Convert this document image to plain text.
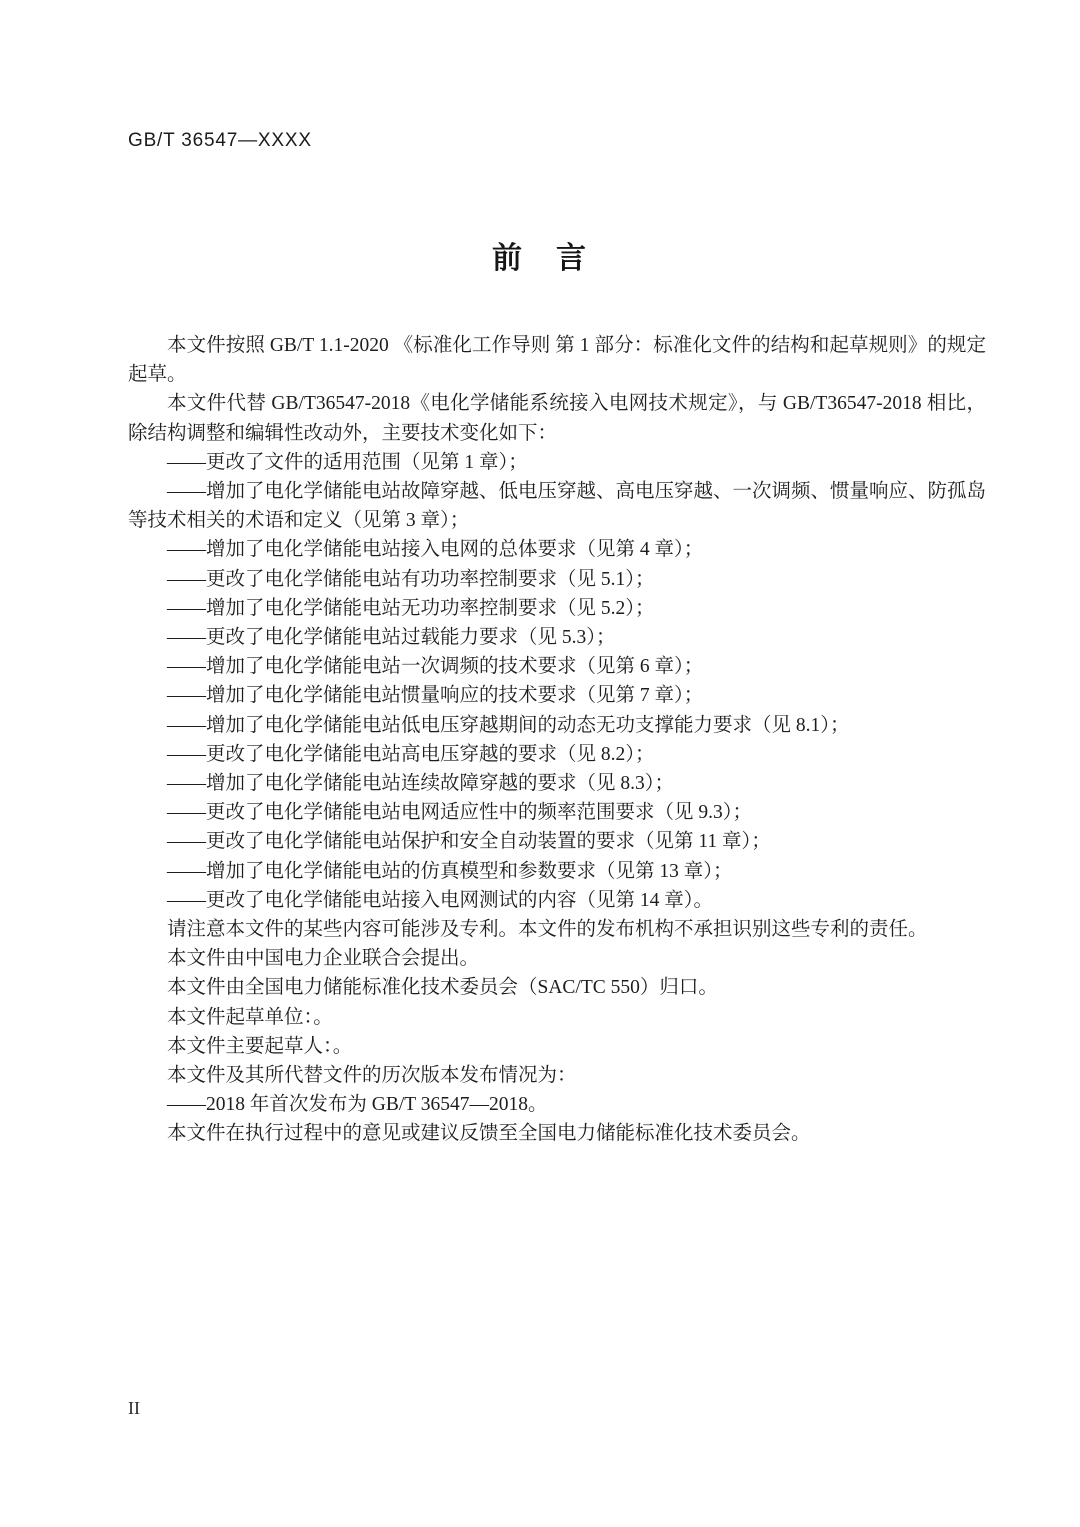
GB/T 36547—XXXX
前　言

本文件按照 GB/T 1.1-2020 《标准化工作导则 第 1 部分：标准化文件的结构和起草规则》的规定起草。

本文件代替 GB/T36547-2018《电化学储能系统接入电网技术规定》，与 GB/T36547-2018 相比，除结构调整和编辑性改动外，主要技术变化如下：

——更改了文件的适用范围（见第 1 章）；

——增加了电化学储能电站故障穿越、低电压穿越、高电压穿越、一次调频、惯量响应、防孤岛等技术相关的术语和定义（见第 3 章）；

——增加了电化学储能电站接入电网的总体要求（见第 4 章）；

——更改了电化学储能电站有功功率控制要求（见 5.1）；

——增加了电化学储能电站无功功率控制要求（见 5.2）；

——更改了电化学储能电站过载能力要求（见 5.3）；

——增加了电化学储能电站一次调频的技术要求（见第 6 章）；

——增加了电化学储能电站惯量响应的技术要求（见第 7 章）；

——增加了电化学储能电站低电压穿越期间的动态无功支撑能力要求（见 8.1）；

——更改了电化学储能电站高电压穿越的要求（见 8.2）；

——增加了电化学储能电站连续故障穿越的要求（见 8.3）；

——更改了电化学储能电站电网适应性中的频率范围要求（见 9.3）；

——更改了电化学储能电站保护和安全自动装置的要求（见第 11 章）；

——增加了电化学储能电站的仿真模型和参数要求（见第 13 章）；

——更改了电化学储能电站接入电网测试的内容（见第 14 章）。

请注意本文件的某些内容可能涉及专利。本文件的发布机构不承担识别这些专利的责任。

本文件由中国电力企业联合会提出。

本文件由全国电力储能标准化技术委员会（SAC/TC 550）归口。

本文件起草单位：。

本文件主要起草人：。

本文件及其所代替文件的历次版本发布情况为：

——2018 年首次发布为 GB/T 36547—2018。

本文件在执行过程中的意见或建议反馈至全国电力储能标准化技术委员会。

II
